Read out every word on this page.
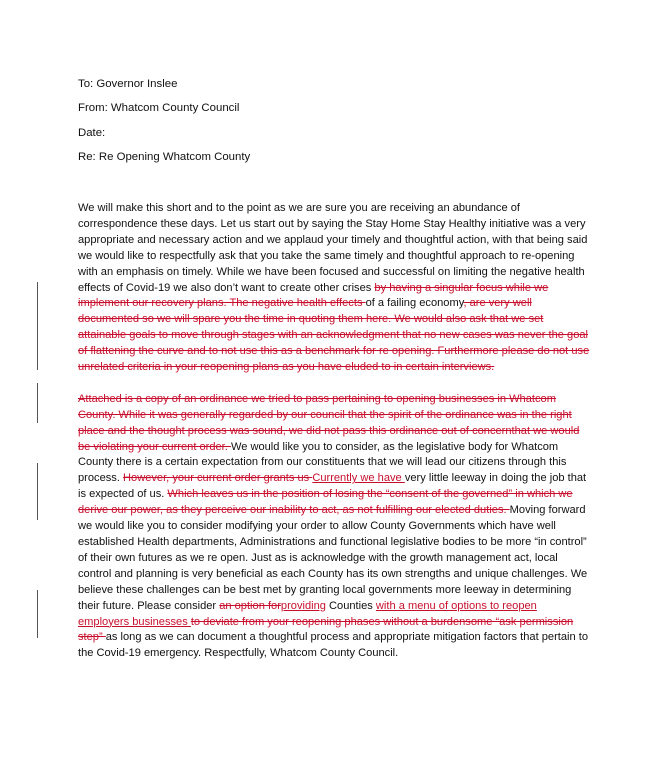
To: Governor Inslee
From: Whatcom County Council
Date:
Re: Re Opening Whatcom County

We will make this short and to the point as we are sure you are receiving an abundance of correspondence these days. Let us start out by saying the Stay Home Stay Healthy initiative was a very appropriate and necessary action and we applaud your timely and thoughtful action, with that being said we would like to respectfully ask that you take the same timely and thoughtful approach to re-opening with an emphasis on timely. While we have been focused and successful on limiting the negative health effects of Covid-19 we also don’t want to create other crises by having a singular focus while we implement our recovery plans. The negative health effects of a failing economy, are very well documented so we will spare you the time in quoting them here. We would also ask that we set attainable goals to move through stages with an acknowledgment that no new cases was never the goal of flattening the curve and to not use this as a benchmark for re opening. Furthermore please do not use unrelated criteria in your reopening plans as you have eluded to in certain interviews.

Attached is a copy of an ordinance we tried to pass pertaining to opening businesses in Whatcom County. While it was generally regarded by our council that the spirit of the ordinance was in the right place and the thought process was sound, we did not pass this ordinance out of concernthat we would be violating your current order. We would like you to consider, as the legislative body for Whatcom County there is a certain expectation from our constituents that we will lead our citizens through this process. However, your current order grants us Currently we have very little leeway in doing the job that is expected of us. Which leaves us in the position of losing the “consent of the governed” in which we derive our power, as they perceive our inability to act, as not fulfilling our elected duties. Moving forward we would like you to consider modifying your order to allow County Governments which have well established Health departments, Administrations and functional legislative bodies to be more “in control” of their own futures as we re open. Just as is acknowledge with the growth management act, local control and planning is very beneficial as each County has its own strengths and unique challenges. We believe these challenges can be best met by granting local governments more leeway in determining their future. Please consider an option forproviding Counties with a menu of options to reopen employers businesses to deviate from your reopening phases without a burdensome “ask permission step” as long as we can document a thoughtful process and appropriate mitigation factors that pertain to the Covid-19 emergency. Respectfully, Whatcom County Council.
